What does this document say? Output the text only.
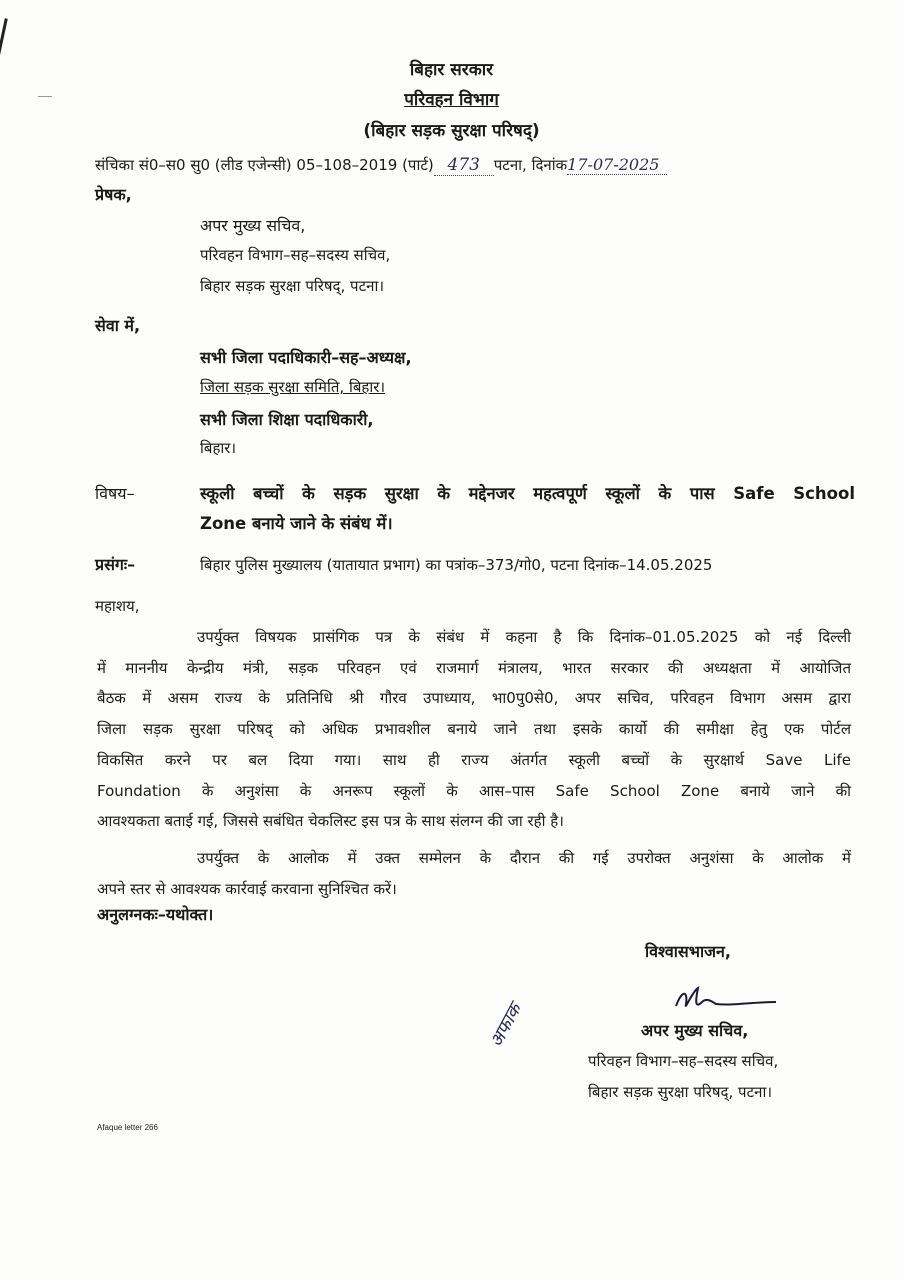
बिहार सरकार
परिवहन विभाग
(बिहार सड़क सुरक्षा परिषद्)
संचिका सं0–स0 सु0 (लीड एजेन्सी) 05–108–2019 (पार्ट) 473 पटना, दिनांक17-07-2025
प्रेषक,
अपर मुख्य सचिव,
परिवहन विभाग–सह–सदस्य सचिव,
बिहार सड़क सुरक्षा परिषद्, पटना।
सेवा में,
सभी जिला पदाधिकारी–सह–अध्यक्ष,
जिला सड़क सुरक्षा समिति, बिहार।
सभी जिला शिक्षा पदाधिकारी,
बिहार।
विषय–	स्कूली बच्चों के सड़क सुरक्षा के मद्देनजर महत्वपूर्ण स्कूलों के पास Safe School
Zone बनाये जाने के संबंध में।
प्रसंगः–	बिहार पुलिस मुख्यालय (यातायात प्रभाग) का पत्रांक–373/गो0, पटना दिनांक–14.05.2025
महाशय,
उपर्युक्त विषयक प्रासंगिक पत्र के संबंध में कहना है कि दिनांक–01.05.2025 को नई दिल्ली
में माननीय केन्द्रीय मंत्री, सड़क परिवहन एवं राजमार्ग मंत्रालय, भारत सरकार की अध्यक्षता में आयोजित
बैठक में असम राज्य के प्रतिनिधि श्री गौरव उपाध्याय, भा0पु0से0, अपर सचिव, परिवहन विभाग असम द्वारा
जिला सड़क सुरक्षा परिषद् को अधिक प्रभावशील बनाये जाने तथा इसके कार्यो की समीक्षा हेतु एक पोर्टल
विकसित करने पर बल दिया गया। साथ ही राज्य अंतर्गत स्कूली बच्चों के सुरक्षार्थ Save Life
Foundation के अनुशंसा के अनरूप स्कूलों के आस–पास Safe School Zone बनाये जाने की
आवश्यकता बताई गई, जिससे सबंधित चेकलिस्ट इस पत्र के साथ संलग्न की जा रही है।
उपर्युक्त के आलोक में उक्त सम्मेलन के दौरान की गई उपरोक्त अनुशंसा के आलोक में
अपने स्तर से आवश्यक कार्रवाई करवाना सुनिश्चित करें।
अनुलग्नकः–यथोक्त।
विश्वासभाजन,
अपर मुख्य सचिव,
परिवहन विभाग–सह–सदस्य सचिव,
बिहार सड़क सुरक्षा परिषद्, पटना।
अफाक
Afaque letter 266
